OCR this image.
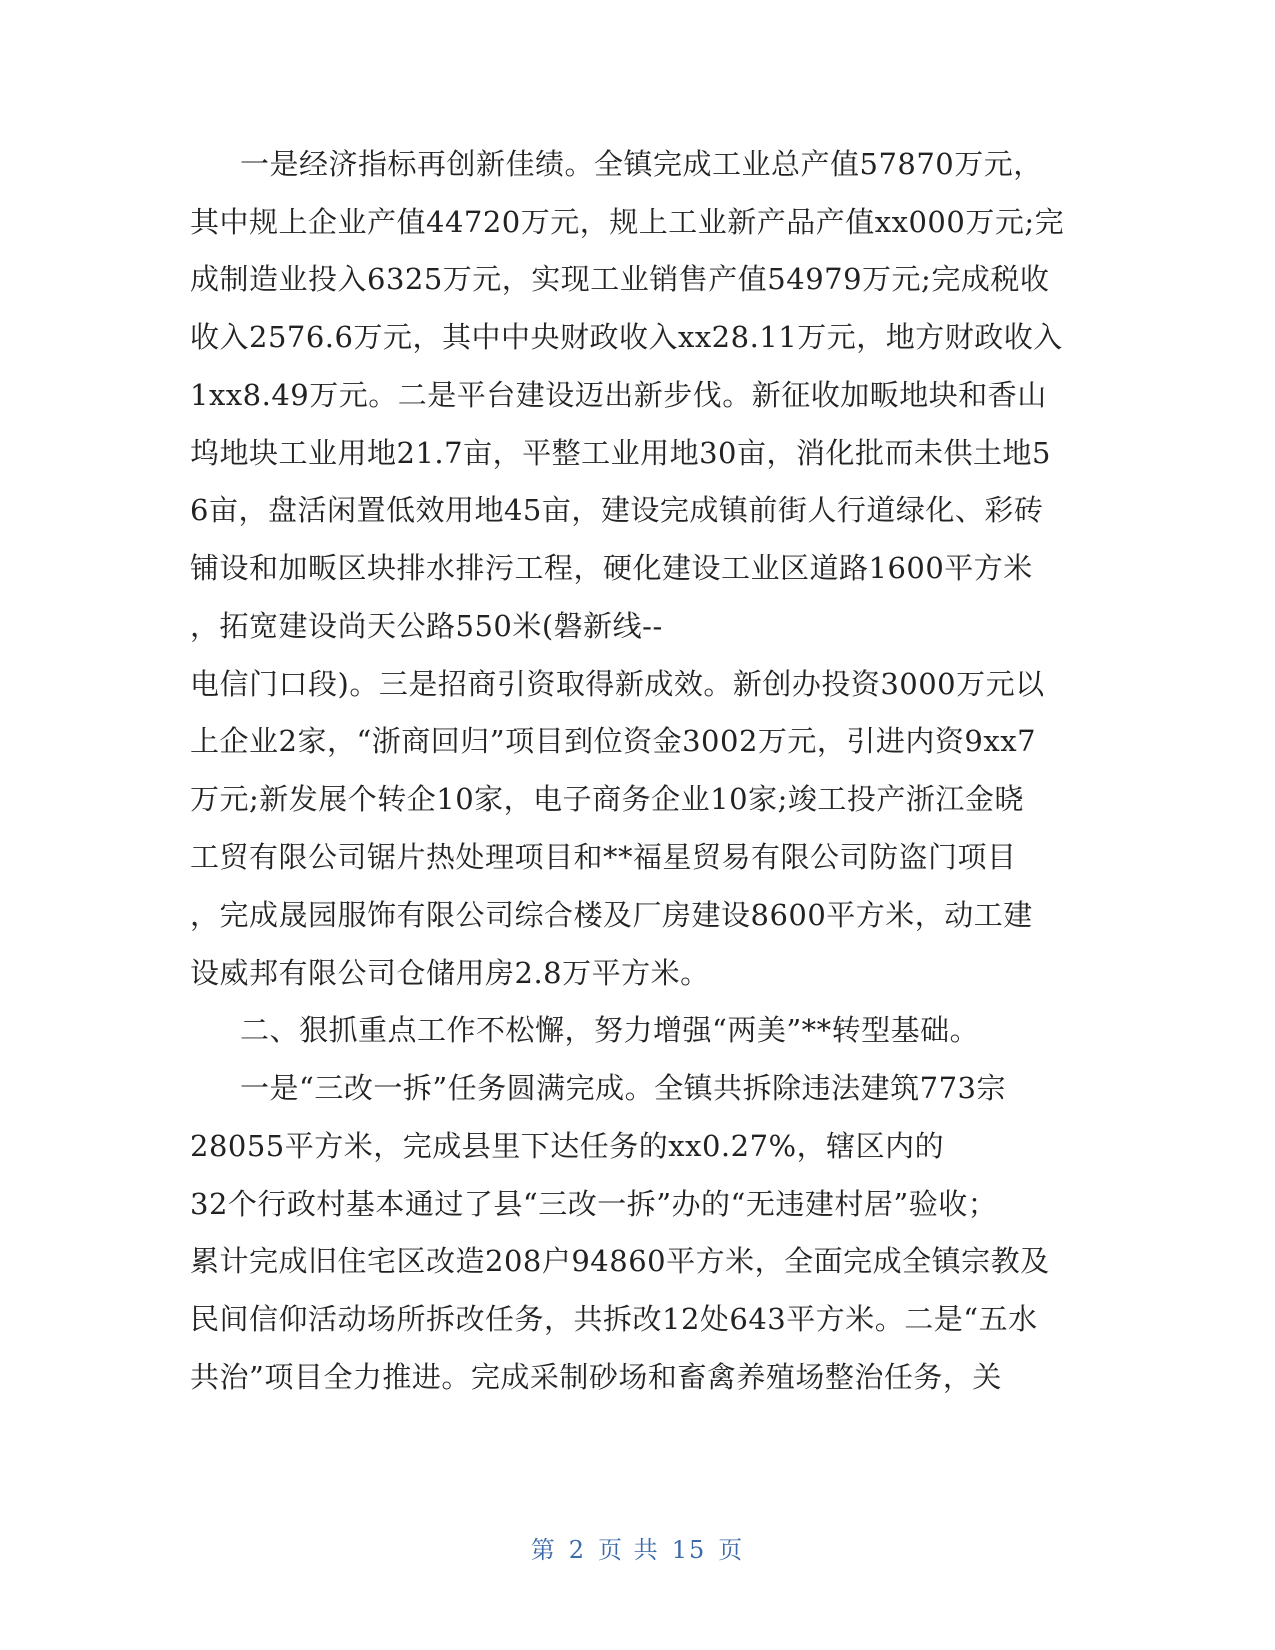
一是经济指标再创新佳绩。全镇完成工业总产值57870万元，
其中规上企业产值44720万元，规上工业新产品产值xx000万元;完
成制造业投入6325万元，实现工业销售产值54979万元;完成税收
收入2576.6万元，其中中央财政收入xx28.11万元，地方财政收入
1xx8.49万元。二是平台建设迈出新步伐。新征收加畈地块和香山
坞地块工业用地21.7亩，平整工业用地30亩，消化批而未供土地5
6亩，盘活闲置低效用地45亩，建设完成镇前街人行道绿化、彩砖
铺设和加畈区块排水排污工程，硬化建设工业区道路1600平方米
，拓宽建设尚天公路550米(磐新线--
电信门口段)。三是招商引资取得新成效。新创办投资3000万元以
上企业2家，“浙商回归”项目到位资金3002万元，引进内资9xx7
万元;新发展个转企10家，电子商务企业10家;竣工投产浙江金晓
工贸有限公司锯片热处理项目和**福星贸易有限公司防盗门项目
，完成晟园服饰有限公司综合楼及厂房建设8600平方米，动工建
设威邦有限公司仓储用房2.8万平方米。
二、狠抓重点工作不松懈，努力增强“两美”**转型基础。
一是“三改一拆”任务圆满完成。全镇共拆除违法建筑773宗
28055平方米，完成县里下达任务的xx0.27%，辖区内的
32个行政村基本通过了县“三改一拆”办的“无违建村居”验收；
累计完成旧住宅区改造208户94860平方米，全面完成全镇宗教及
民间信仰活动场所拆改任务，共拆改12处643平方米。二是“五水
共治”项目全力推进。完成采制砂场和畜禽养殖场整治任务，关
第 2 页 共 15 页
